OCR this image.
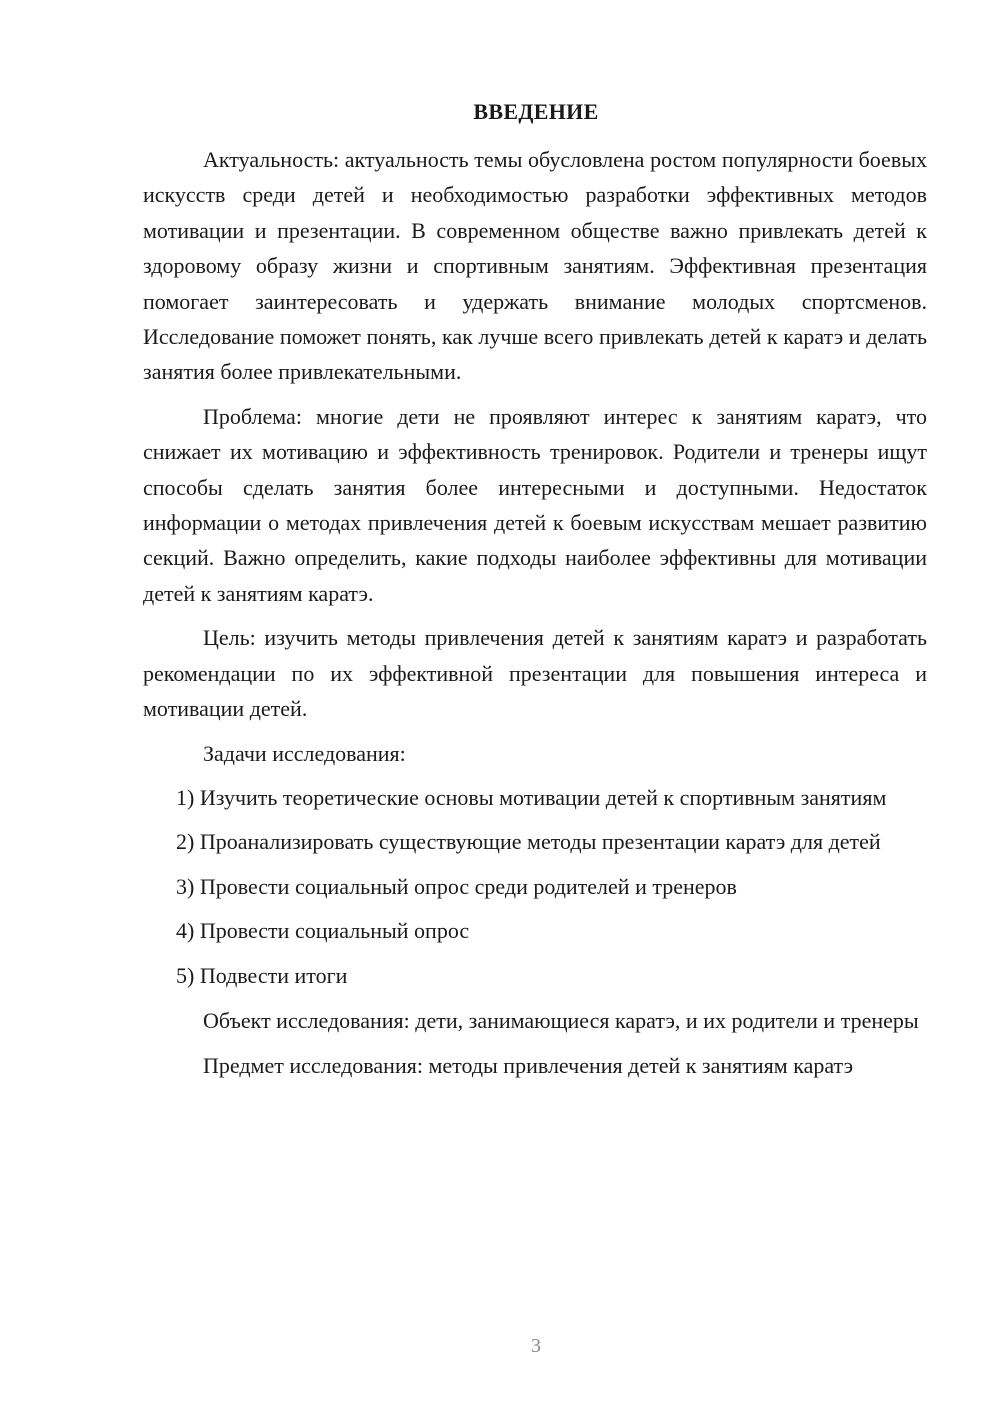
ВВЕДЕНИЕ

Актуальность: актуальность темы обусловлена ростом популярности боевых искусств среди детей и необходимостью разработки эффективных методов мотивации и презентации. В современном обществе важно привлекать детей к здоровому образу жизни и спортивным занятиям. Эффективная презентация помогает заинтересовать и удержать внимание молодых спортсменов. Исследование поможет понять, как лучше всего привлекать детей к каратэ и делать занятия более привлекательными.

Проблема: многие дети не проявляют интерес к занятиям каратэ, что снижает их мотивацию и эффективность тренировок. Родители и тренеры ищут способы сделать занятия более интересными и доступными. Недостаток информации о методах привлечения детей к боевым искусствам мешает развитию секций. Важно определить, какие подходы наиболее эффективны для мотивации детей к занятиям каратэ.

Цель: изучить методы привлечения детей к занятиям каратэ и разработать рекомендации по их эффективной презентации для повышения интереса и мотивации детей.

Задачи исследования:

1) Изучить теоретические основы мотивации детей к спортивным занятиям

2) Проанализировать существующие методы презентации каратэ для детей

3) Провести социальный опрос среди родителей и тренеров

4) Провести социальный опрос

5) Подвести итоги

Объект исследования: дети, занимающиеся каратэ, и их родители и тренеры

Предмет исследования: методы привлечения детей к занятиям каратэ

3
